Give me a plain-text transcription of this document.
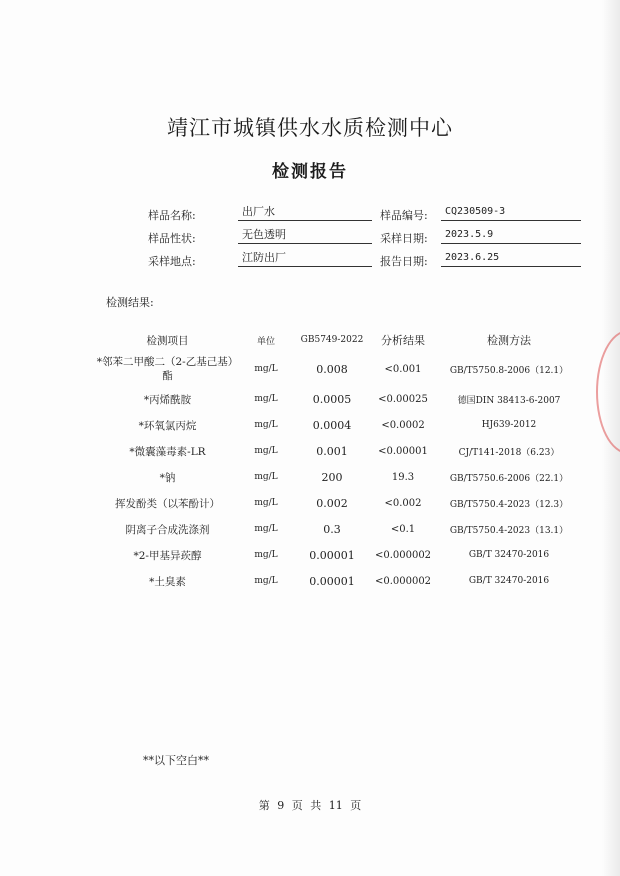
靖江市城镇供水水质检测中心
检测报告
样品名称:	出厂水	样品编号:	CQ230509-3
样品性状:	无色透明	采样日期:	2023.5.9
采样地点:	江防出厂	报告日期:	2023.6.25
检测结果:
检测项目	单位	GB5749-2022	分析结果	检测方法
*邻苯二甲酸二（2-乙基己基）酯	mg/L	0.008	<0.001	GB/T5750.8-2006（12.1）
*丙烯酰胺	mg/L	0.0005	<0.00025	德国DIN 38413-6-2007
*环氧氯丙烷	mg/L	0.0004	<0.0002	HJ639-2012
*微囊藻毒素-LR	mg/L	0.001	<0.00001	CJ/T141-2018（6.23）
*钠	mg/L	200	19.3	GB/T5750.6-2006（22.1）
挥发酚类（以苯酚计）	mg/L	0.002	<0.002	GB/T5750.4-2023（12.3）
阴离子合成洗涤剂	mg/L	0.3	<0.1	GB/T5750.4-2023（13.1）
*2-甲基异莰醇	mg/L	0.00001	<0.000002	GB/T 32470-2016
*土臭素	mg/L	0.00001	<0.000002	GB/T 32470-2016
**以下空白**
第 9 页 共 11 页
